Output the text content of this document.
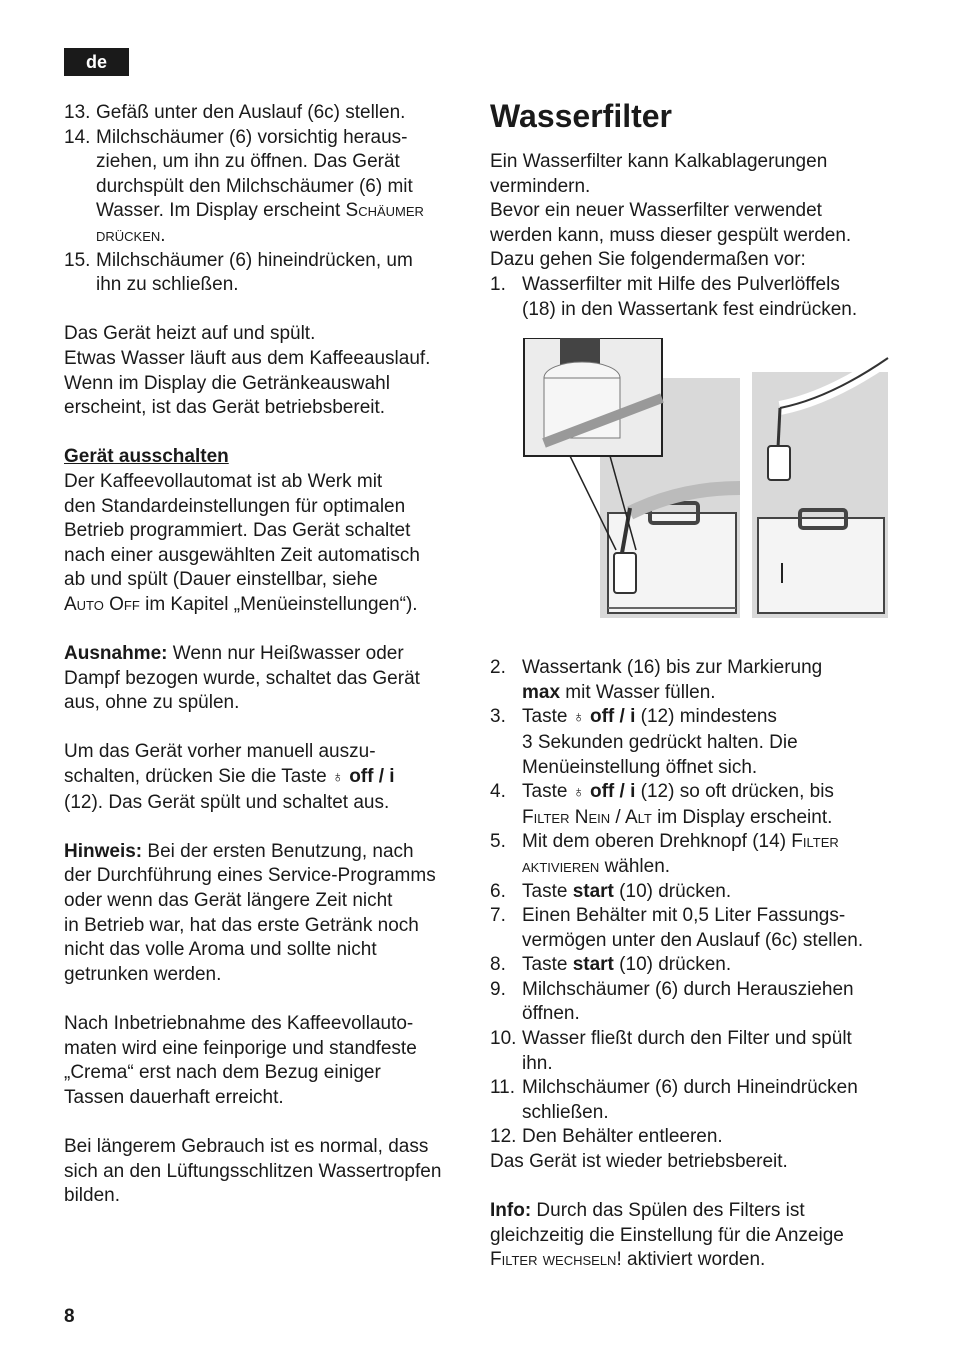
de
13. Gefäß unter den Auslauf (6c) stellen.
14. Milchschäumer (6) vorsichtig heraus-
ziehen, um ihn zu öffnen. Das Gerät
durchspült den Milchschäumer (6) mit
Wasser. Im Display erscheint Schäumer
drücken.
15. Milchschäumer (6) hineindrücken, um
ihn zu schließen.

Das Gerät heizt auf und spült.
Etwas Wasser läuft aus dem Kaffeeauslauf.
Wenn im Display die Getränkeauswahl
erscheint, ist das Gerät betriebsbereit.

Gerät ausschalten
Der Kaffeevollautomat ist ab Werk mit
den Standardeinstellungen für optimalen
Betrieb programmiert. Das Gerät schaltet
nach einer ausgewählten Zeit automatisch
ab und spült (Dauer einstellbar, siehe
Auto Off im Kapitel „Menüeinstellungen“).

Ausnahme: Wenn nur Heißwasser oder
Dampf bezogen wurde, schaltet das Gerät
aus, ohne zu spülen.

Um das Gerät vorher manuell auszu-
schalten, drücken Sie die Taste ♁ off / i
(12). Das Gerät spült und schaltet aus.

Hinweis: Bei der ersten Benutzung, nach
der Durchführung eines Service-Programms
oder wenn das Gerät längere Zeit nicht
in Betrieb war, hat das erste Getränk noch
nicht das volle Aroma und sollte nicht
getrunken werden.

Nach Inbetriebnahme des Kaffeevollauto-
maten wird eine feinporige und standfeste
„Crema“ erst nach dem Bezug einiger
Tassen dauerhaft erreicht.

Bei längerem Gebrauch ist es normal, dass
sich an den Lüftungsschlitzen Wassertropfen
bilden.

Wasserfilter

Ein Wasserfilter kann Kalkablagerungen
vermindern.
Bevor ein neuer Wasserfilter verwendet
werden kann, muss dieser gespült werden.
Dazu gehen Sie folgendermaßen vor:

1. Wasserfilter mit Hilfe des Pulverlöffels
(18) in den Wassertank fest eindrücken.
2. Wassertank (16) bis zur Markierung
max mit Wasser füllen.
3. Taste ♁ off / i (12) mindestens
3 Sekunden gedrückt halten. Die
Menüeinstellung öffnet sich.
4. Taste ♁ off / i (12) so oft drücken, bis
Filter Nein / Alt im Display erscheint.
5. Mit dem oberen Drehknopf (14) Filter
aktivieren wählen.
6. Taste start (10) drücken.
7. Einen Behälter mit 0,5 Liter Fassungs-
vermögen unter den Auslauf (6c) stellen.
8. Taste start (10) drücken.
9. Milchschäumer (6) durch Herausziehen
öffnen.
10. Wasser fließt durch den Filter und spült
ihn.
11. Milchschäumer (6) durch Hineindrücken
schließen.
12. Den Behälter entleeren.

Das Gerät ist wieder betriebsbereit.

Info: Durch das Spülen des Filters ist
gleichzeitig die Einstellung für die Anzeige
Filter wechseln! aktiviert worden.

8
